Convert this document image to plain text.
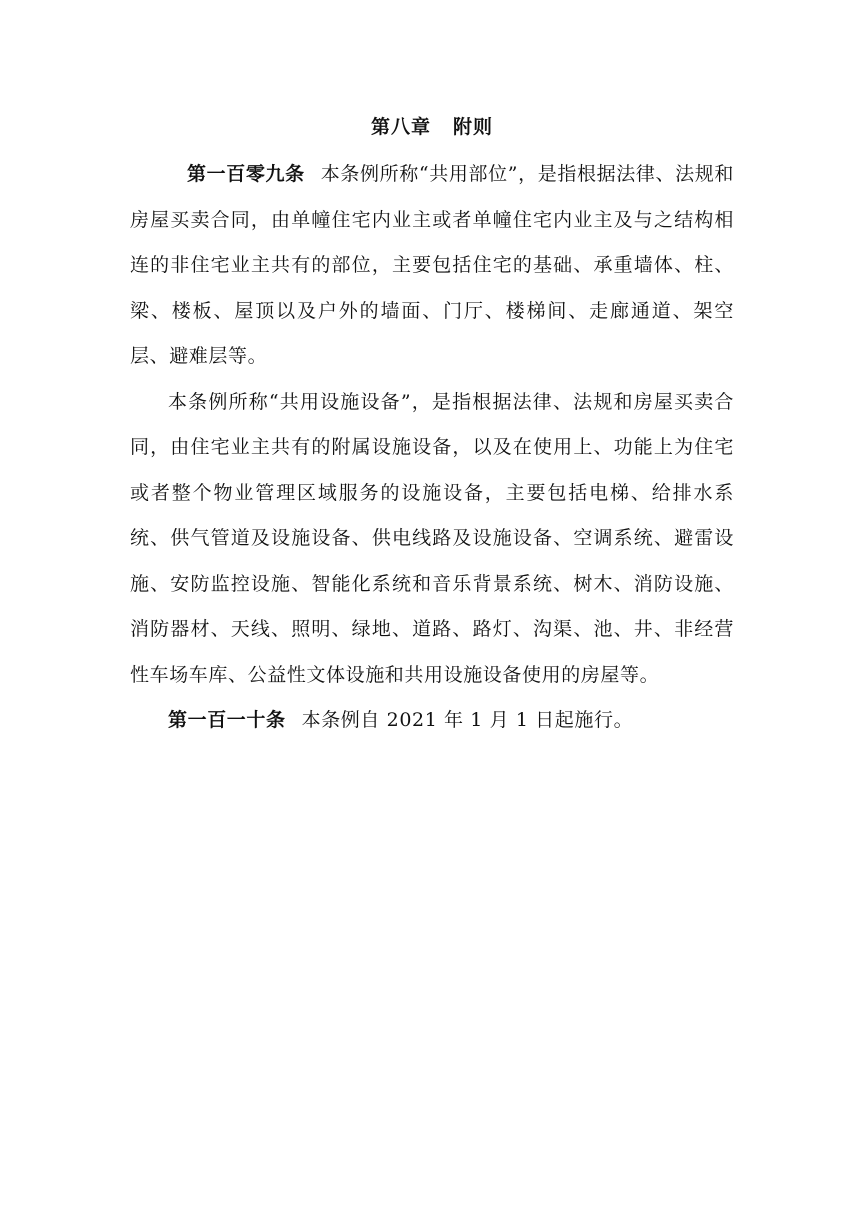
第八章 附则

第一百零九条 本条例所称“共用部位”，是指根据法律、法规和房屋买卖合同，由单幢住宅内业主或者单幢住宅内业主及与之结构相连的非住宅业主共有的部位，主要包括住宅的基础、承重墙体、柱、梁、楼板、屋顶以及户外的墙面、门厅、楼梯间、走廊通道、架空层、避难层等。

本条例所称“共用设施设备”，是指根据法律、法规和房屋买卖合同，由住宅业主共有的附属设施设备，以及在使用上、功能上为住宅或者整个物业管理区域服务的设施设备，主要包括电梯、给排水系统、供气管道及设施设备、供电线路及设施设备、空调系统、避雷设施、安防监控设施、智能化系统和音乐背景系统、树木、消防设施、消防器材、天线、照明、绿地、道路、路灯、沟渠、池、井、非经营性车场车库、公益性文体设施和共用设施设备使用的房屋等。

第一百一十条 本条例自 2021 年 1 月 1 日起施行。
